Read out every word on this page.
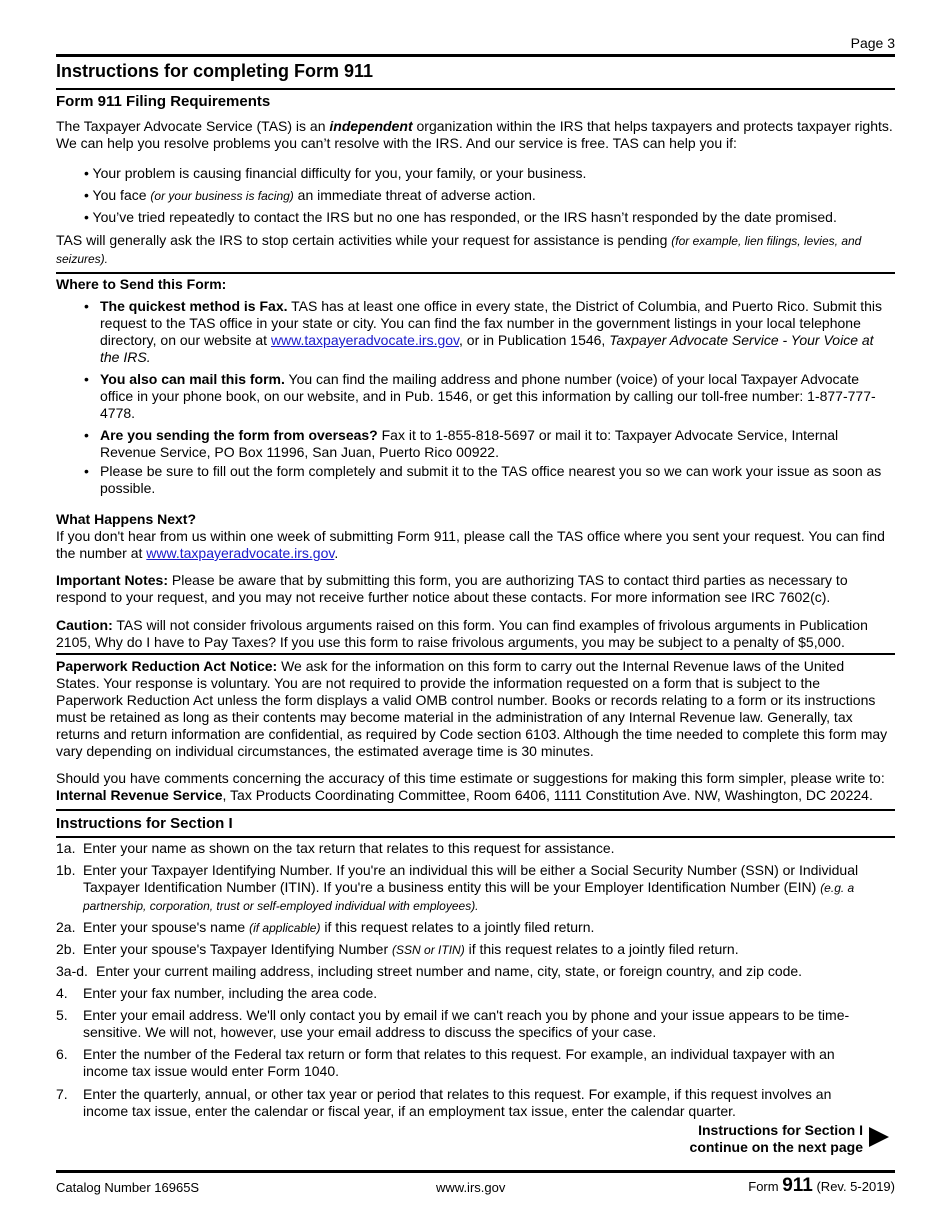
Page 3
Instructions for completing Form 911
Form 911 Filing Requirements
The Taxpayer Advocate Service (TAS) is an independent organization within the IRS that helps taxpayers and protects taxpayer rights. We can help you resolve problems you can’t resolve with the IRS. And our service is free. TAS can help you if:
• Your problem is causing financial difficulty for you, your family, or your business.
• You face (or your business is facing) an immediate threat of adverse action.
• You’ve tried repeatedly to contact the IRS but no one has responded, or the IRS hasn’t responded by the date promised.
TAS will generally ask the IRS to stop certain activities while your request for assistance is pending (for example, lien filings, levies, and seizures).
Where to Send this Form:
• The quickest method is Fax. TAS has at least one office in every state, the District of Columbia, and Puerto Rico. Submit this request to the TAS office in your state or city. You can find the fax number in the government listings in your local telephone directory, on our website at www.taxpayeradvocate.irs.gov, or in Publication 1546, Taxpayer Advocate Service - Your Voice at the IRS.
• You also can mail this form. You can find the mailing address and phone number (voice) of your local Taxpayer Advocate office in your phone book, on our website, and in Pub. 1546, or get this information by calling our toll-free number: 1-877-777-4778.
• Are you sending the form from overseas? Fax it to 1-855-818-5697 or mail it to: Taxpayer Advocate Service, Internal Revenue Service, PO Box 11996, San Juan, Puerto Rico 00922.
• Please be sure to fill out the form completely and submit it to the TAS office nearest you so we can work your issue as soon as possible.
What Happens Next?
If you don't hear from us within one week of submitting Form 911, please call the TAS office where you sent your request. You can find the number at www.taxpayeradvocate.irs.gov.
Important Notes: Please be aware that by submitting this form, you are authorizing TAS to contact third parties as necessary to respond to your request, and you may not receive further notice about these contacts. For more information see IRC 7602(c).
Caution: TAS will not consider frivolous arguments raised on this form. You can find examples of frivolous arguments in Publication 2105, Why do I have to Pay Taxes? If you use this form to raise frivolous arguments, you may be subject to a penalty of $5,000.
Paperwork Reduction Act Notice: We ask for the information on this form to carry out the Internal Revenue laws of the United States. Your response is voluntary. You are not required to provide the information requested on a form that is subject to the Paperwork Reduction Act unless the form displays a valid OMB control number. Books or records relating to a form or its instructions must be retained as long as their contents may become material in the administration of any Internal Revenue law. Generally, tax returns and return information are confidential, as required by Code section 6103. Although the time needed to complete this form may vary depending on individual circumstances, the estimated average time is 30 minutes.
Should you have comments concerning the accuracy of this time estimate or suggestions for making this form simpler, please write to: Internal Revenue Service, Tax Products Coordinating Committee, Room 6406, 1111 Constitution Ave. NW, Washington, DC 20224.
Instructions for Section I
1a. Enter your name as shown on the tax return that relates to this request for assistance.
1b. Enter your Taxpayer Identifying Number. If you're an individual this will be either a Social Security Number (SSN) or Individual Taxpayer Identification Number (ITIN). If you're a business entity this will be your Employer Identification Number (EIN) (e.g. a partnership, corporation, trust or self-employed individual with employees).
2a. Enter your spouse's name (if applicable) if this request relates to a jointly filed return.
2b. Enter your spouse's Taxpayer Identifying Number (SSN or ITIN) if this request relates to a jointly filed return.
3a-d. Enter your current mailing address, including street number and name, city, state, or foreign country, and zip code.
4. Enter your fax number, including the area code.
5. Enter your email address. We'll only contact you by email if we can't reach you by phone and your issue appears to be time-sensitive. We will not, however, use your email address to discuss the specifics of your case.
6. Enter the number of the Federal tax return or form that relates to this request. For example, an individual taxpayer with an income tax issue would enter Form 1040.
7. Enter the quarterly, annual, or other tax year or period that relates to this request. For example, if this request involves an income tax issue, enter the calendar or fiscal year, if an employment tax issue, enter the calendar quarter.
Instructions for Section I
continue on the next page
Catalog Number 16965S	www.irs.gov	Form 911 (Rev. 5-2019)
